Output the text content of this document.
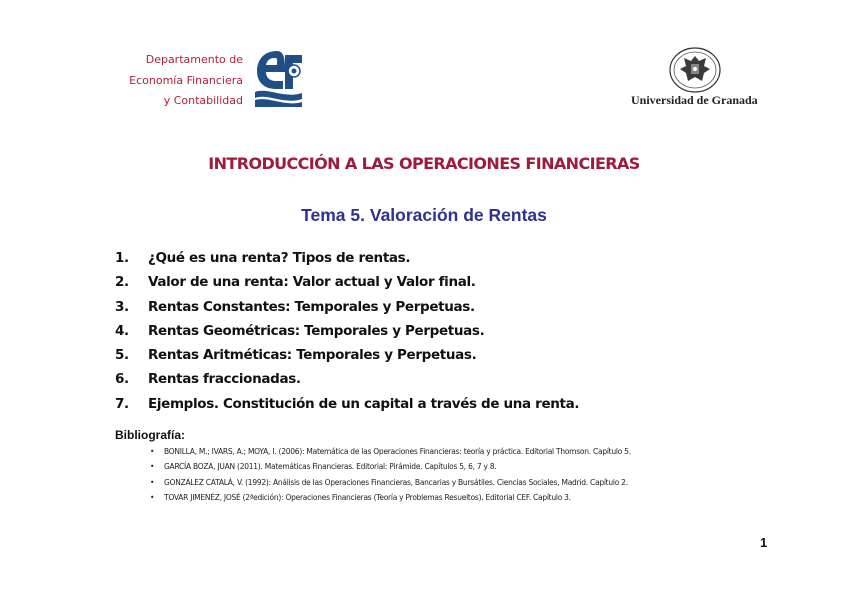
Departamento de
Economía Financiera
y Contabilidad	Universidad de Granada
INTRODUCCIÓN A LAS OPERACIONES FINANCIERAS
Tema 5. Valoración de Rentas
1. ¿Qué es una renta? Tipos de rentas.
2. Valor de una renta: Valor actual y Valor final.
3. Rentas Constantes: Temporales y Perpetuas.
4. Rentas Geométricas: Temporales y Perpetuas.
5. Rentas Aritméticas: Temporales y Perpetuas.
6. Rentas fraccionadas.
7. Ejemplos. Constitución de un capital a través de una renta.
Bibliografía:
• BONILLA, M.; IVARS, A.; MOYA, I. (2006): Matemática de las Operaciones Financieras: teoría y práctica. Editorial Thomson. Capítulo 5.
• GARCÍA BOZA, JUAN (2011). Matemáticas Financieras. Editorial: Pirámide. Capítulos 5, 6, 7 y 8.
• GONZÁLEZ CATALÁ, V. (1992): Análisis de las Operaciones Financieras, Bancarias y Bursátiles. Ciencias Sociales, Madrid. Capítulo 2.
• TOVAR JIMENÉZ, JOSÉ (2ªedición): Operaciones Financieras (Teoría y Problemas Resueltos). Editorial CEF. Capítulo 3.
1
